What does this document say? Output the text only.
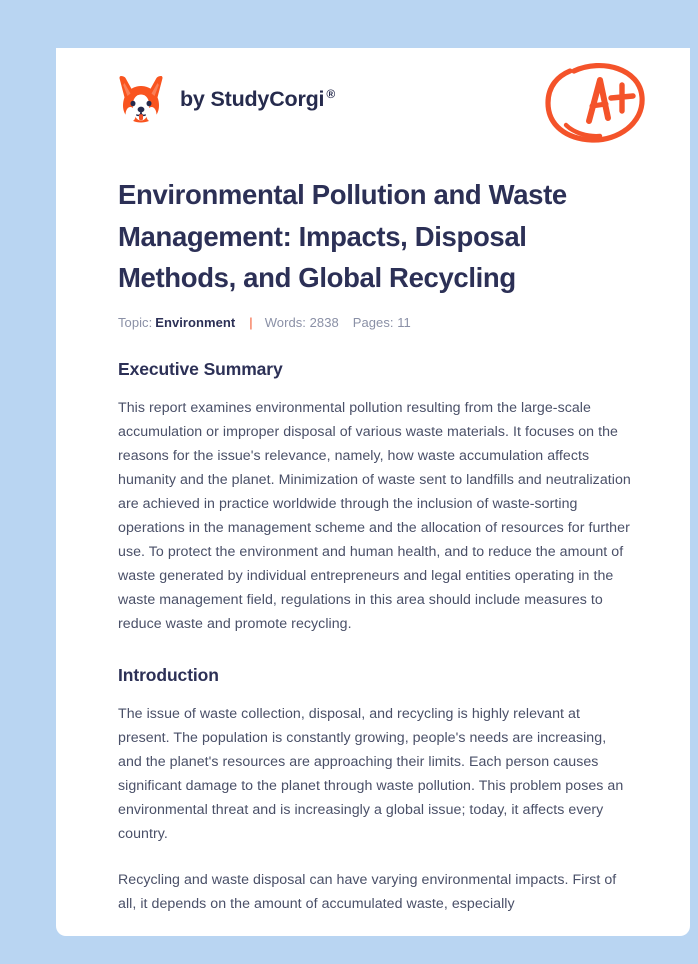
by StudyCorgi ®
Environmental Pollution and Waste Management: Impacts, Disposal Methods, and Global Recycling
Topic: Environment | Words: 2838 Pages: 11
Executive Summary

This report examines environmental pollution resulting from the large-scale accumulation or improper disposal of various waste materials. It focuses on the reasons for the issue's relevance, namely, how waste accumulation affects humanity and the planet. Minimization of waste sent to landfills and neutralization are achieved in practice worldwide through the inclusion of waste-sorting operations in the management scheme and the allocation of resources for further use. To protect the environment and human health, and to reduce the amount of waste generated by individual entrepreneurs and legal entities operating in the waste management field, regulations in this area should include measures to reduce waste and promote recycling.

Introduction

The issue of waste collection, disposal, and recycling is highly relevant at present. The population is constantly growing, people's needs are increasing, and the planet's resources are approaching their limits. Each person causes significant damage to the planet through waste pollution. This problem poses an environmental threat and is increasingly a global issue; today, it affects every country.

Recycling and waste disposal can have varying environmental impacts. First of all, it depends on the amount of accumulated waste, especially
